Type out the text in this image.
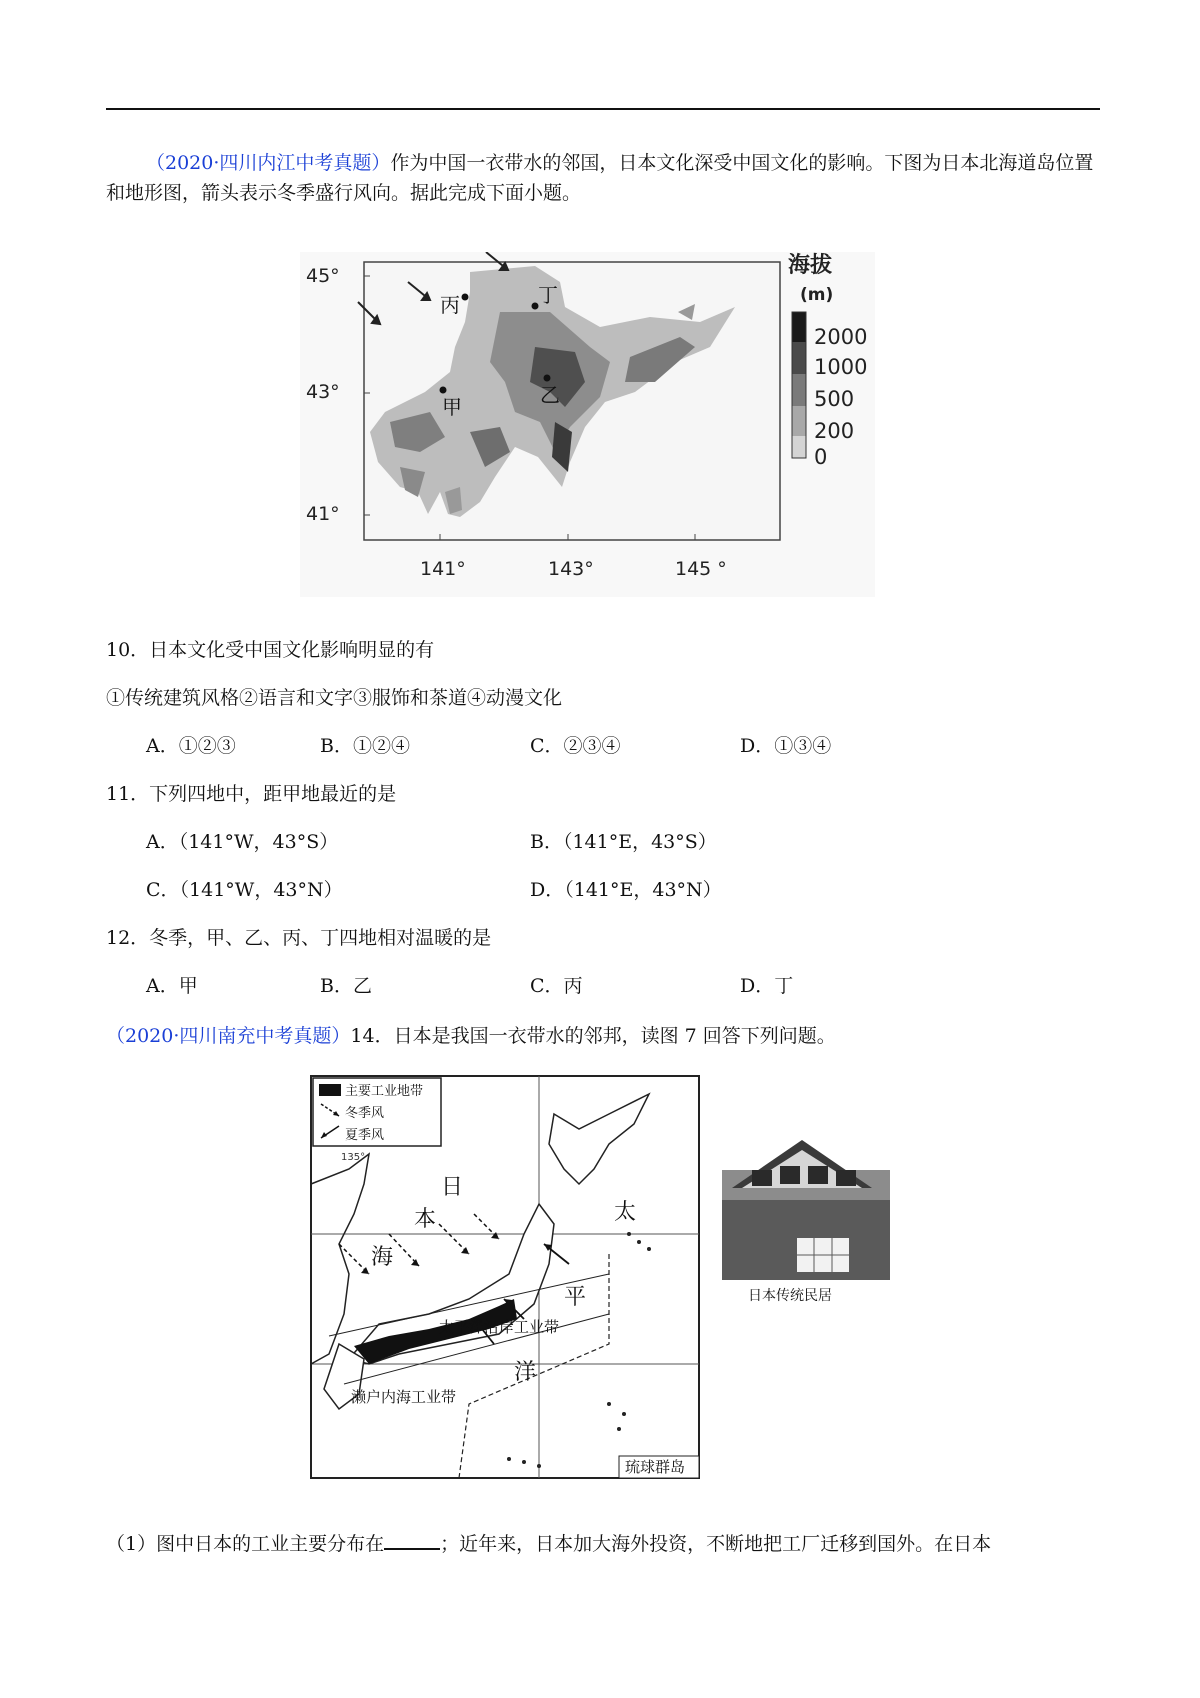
（2020·四川内江中考真题）作为中国一衣带水的邻国，日本文化深受中国文化的影响。下图为日本北海道岛位置和地形图，箭头表示冬季盛行风向。据此完成下面小题。
丙	丁
甲	乙
45°
43°
41°
141°	143°	145 °
海拔
(m)
2000
1000
500
200
0
10．日本文化受中国文化影响明显的有
①传统建筑风格②语言和文字③服饰和茶道④动漫文化
A．①②③	B．①②④	C．②③④	D．①③④
11．下列四地中，距甲地最近的是
A．（141°W，43°S）	B．（141°E，43°S）
C．（141°W，43°N）	D．（141°E，43°N）
12．冬季，甲、乙、丙、丁四地相对温暖的是
A．甲	B．乙	C．丙	D．丁
（2020·四川南充中考真题）14．日本是我国一衣带水的邻邦，读图 7 回答下列问题。
主要工业地带
冬季风
夏季风
135°
日
本
海
太
平
洋
太平洋沿岸工业带
濑户内海工业带
琉球群岛
日本传统民居
（1）图中日本的工业主要分布在	；近年来，日本加大海外投资，不断地把工厂迁移到国外。在日本
